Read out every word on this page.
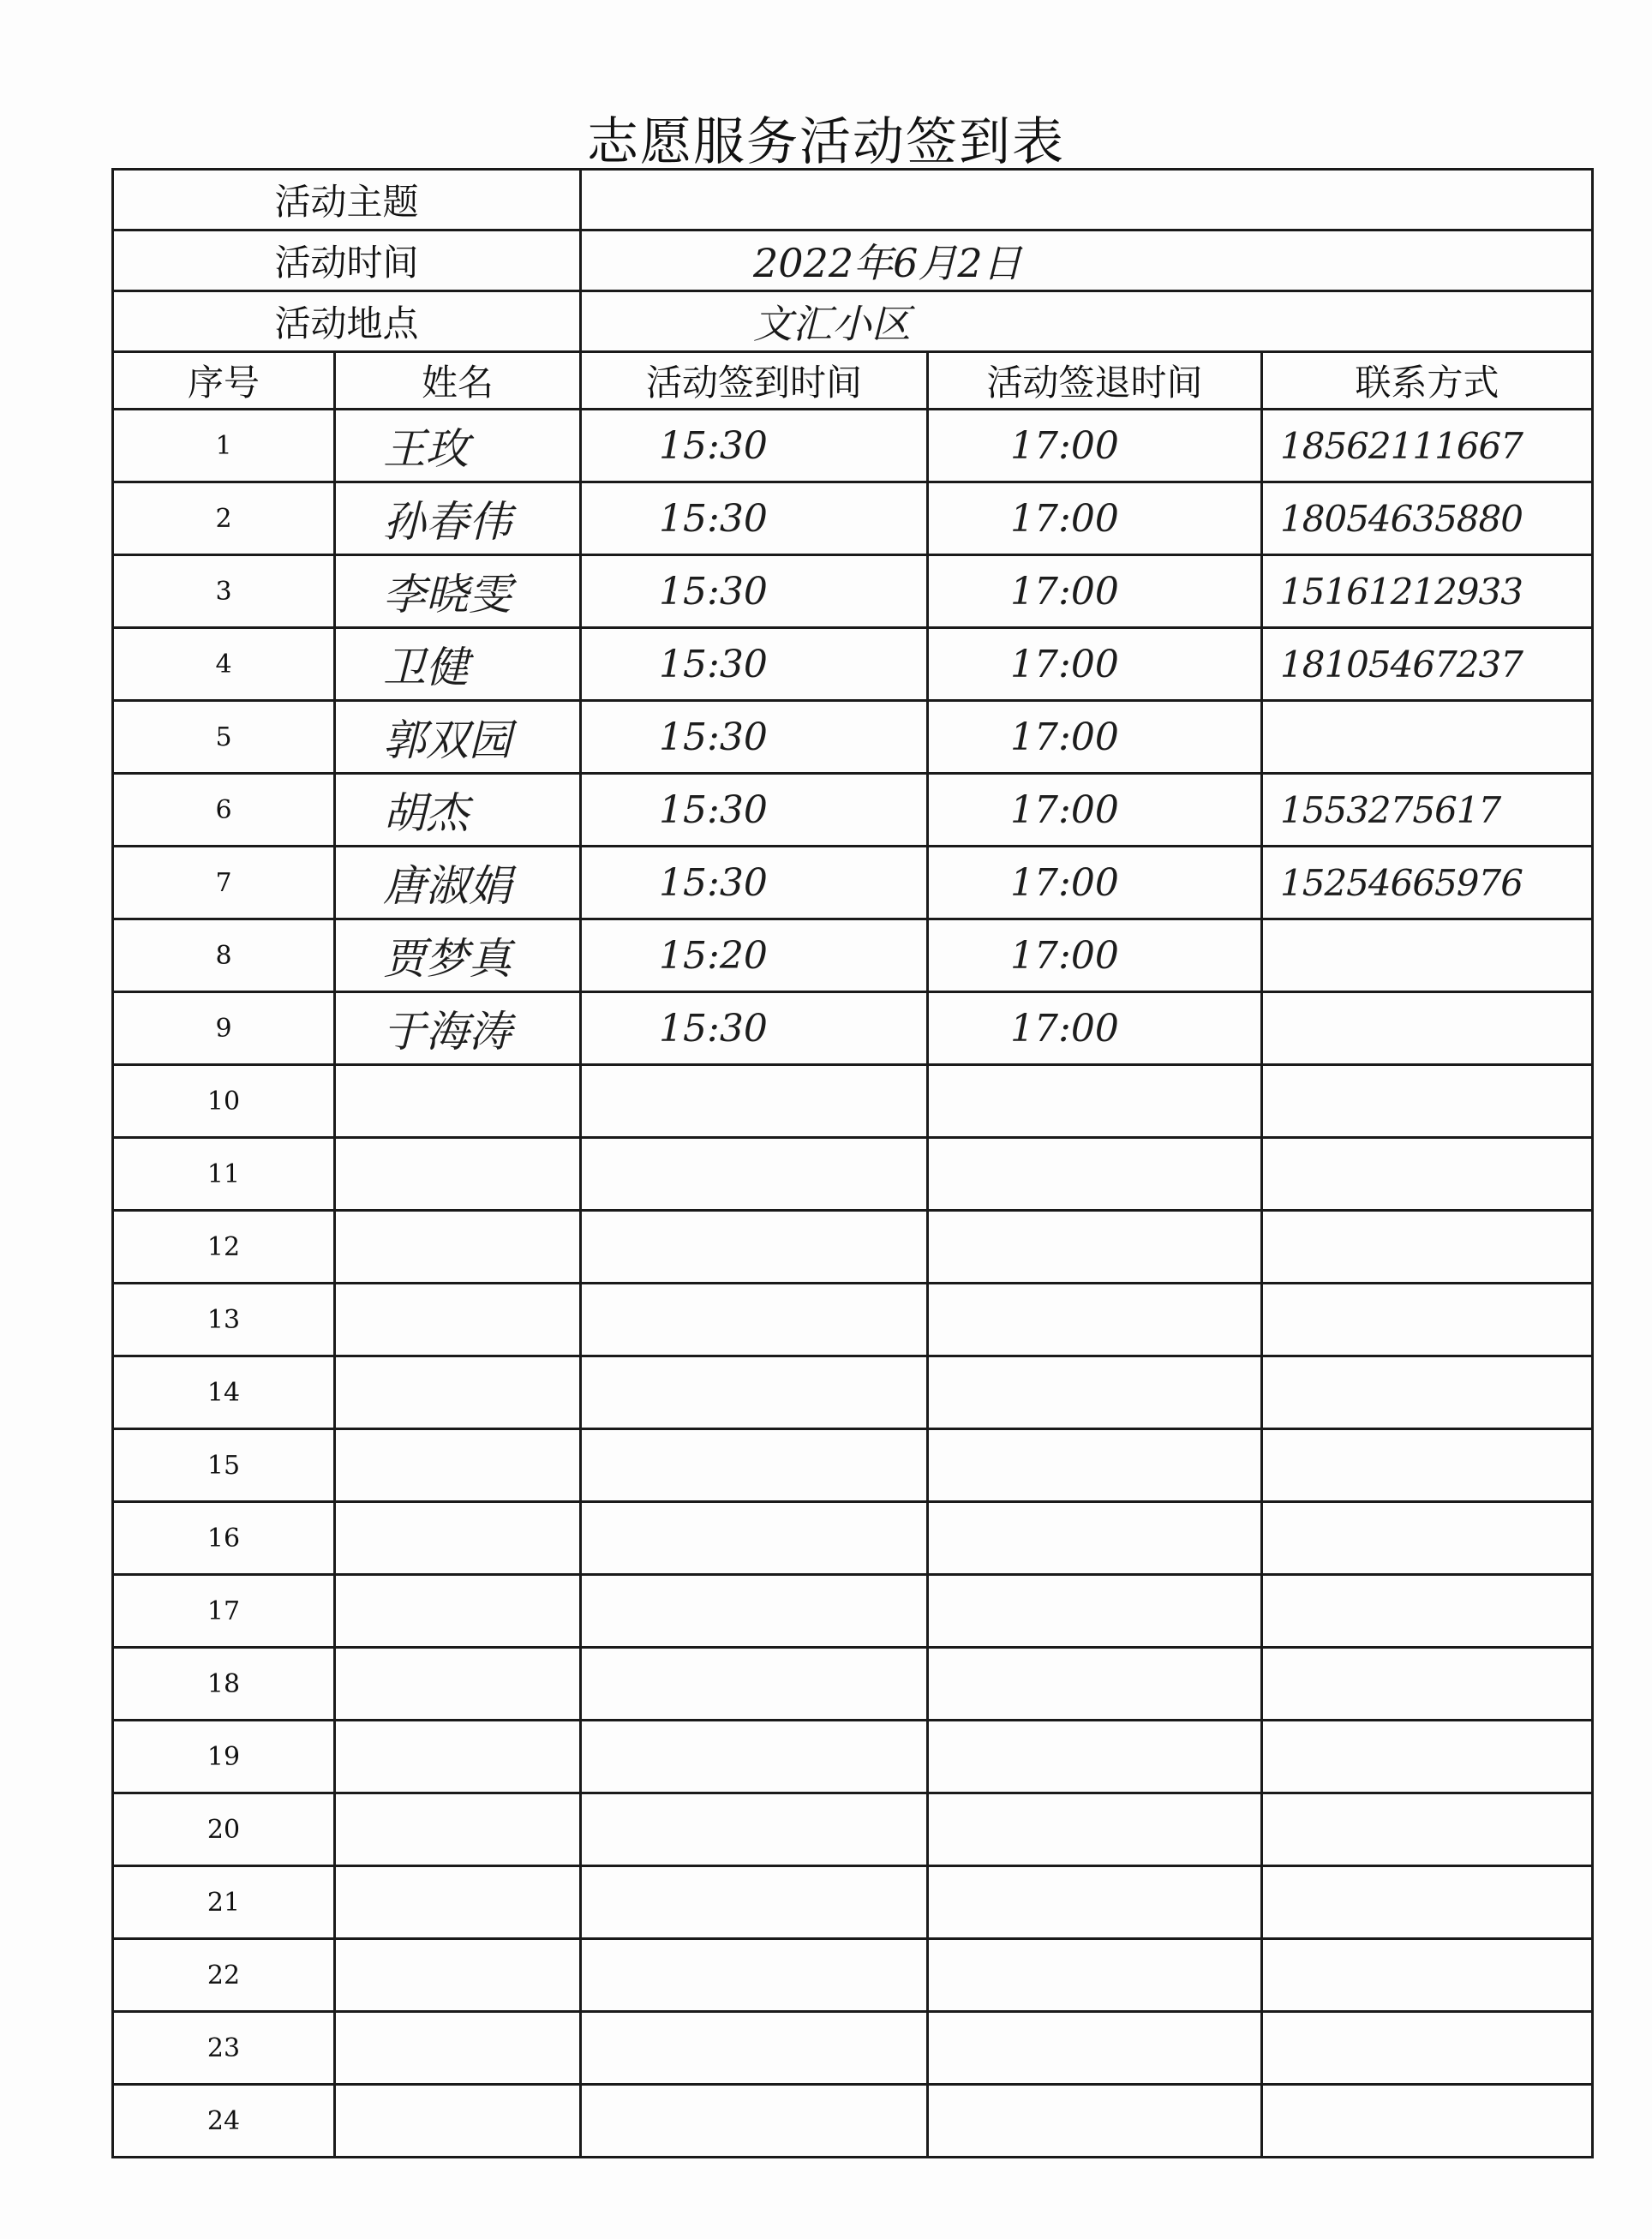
志愿服务活动签到表
活动主题				
活动时间		2022年6月2日		
活动地点		文汇小区		
序号	姓名	活动签到时间	活动签退时间	联系方式
1	王玫	15:30	17:00	18562111667
2	孙春伟	15:30	17:00	18054635880
3	李晓雯	15:30	17:00	15161212933
4	卫健	15:30	17:00	18105467237
5	郭双园	15:30	17:00	
6	胡杰	15:30	17:00	1553275617
7	唐淑娟	15:30	17:00	15254665976
8	贾梦真	15:20	17:00	
9	于海涛	15:30	17:00	
10				
11				
12				
13				
14				
15				
16				
17				
18				
19				
20				
21				
22				
23				
24				
